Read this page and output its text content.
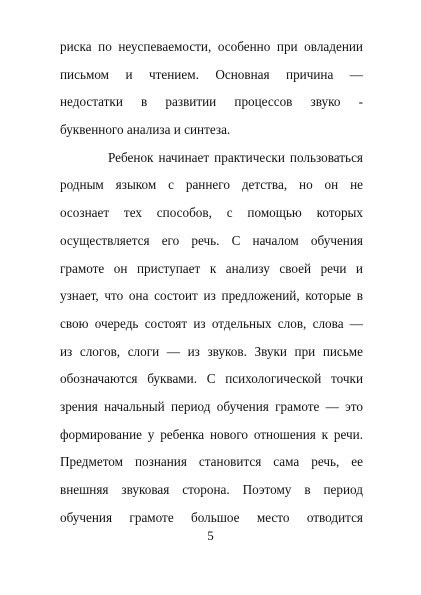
риска по неуспеваемости, особенно при овладении
письмом и чтением. Основная причина —
недостатки в развитии процессов звуко -
буквенного анализа и синтеза.
Ребенок начинает практически пользоваться
родным языком с раннего детства, но он не
осознает тех способов, с помощью которых
осуществляется его речь. С началом обучения
грамоте он приступает к анализу своей речи и
узнает, что она состоит из предложений, которые в
свою очередь состоят из отдельных слов, слова —
из слогов, слоги — из звуков. Звуки при письме
обозначаются буквами. С психологической точки
зрения начальный период обучения грамоте — это
формирование у ребенка нового отношения к речи.
Предметом познания становится сама речь, ее
внешняя звуковая сторона. Поэтому в период
обучения грамоте большое место отводится
5
